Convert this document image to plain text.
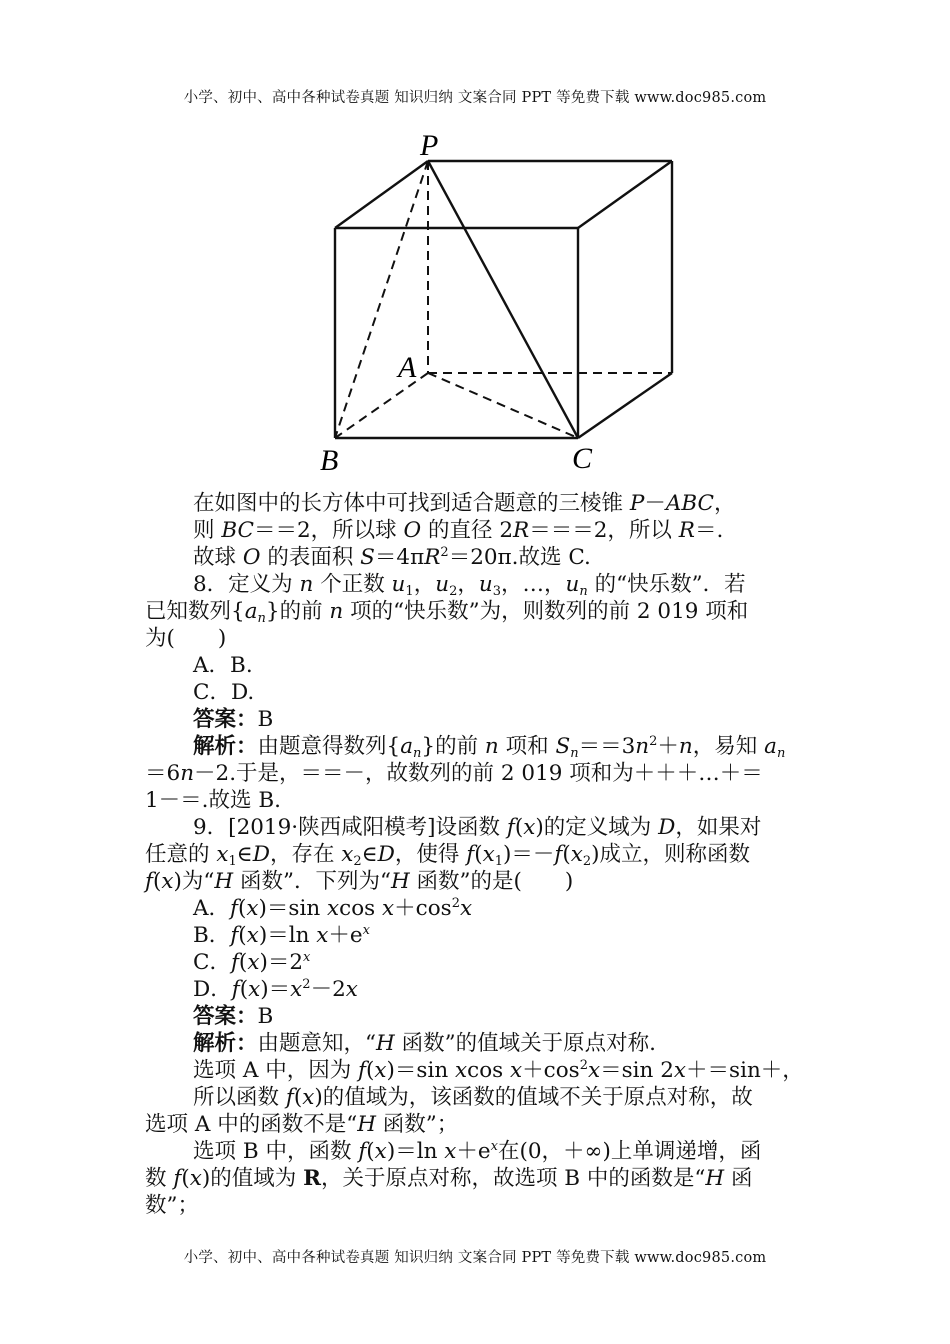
小学、初中、高中各种试卷真题 知识归纳 文案合同 PPT 等免费下载 www.doc985.com
P
A
B	C
在如图中的长方体中可找到适合题意的三棱锥 P－ABC，
则 BC＝＝2，所以球 O 的直径 2R＝＝＝2，所以 R＝.
故球 O 的表面积 $S=4\pi R^2=20\pi$.故选 C.
8．定义为 n 个正数 $u_1$，$u_2$，$u_3$，…，$u_n$ 的“快乐数”．若
已知数列$\{a_n\}$的前 n 项的“快乐数”为，则数列的前 2 019 项和
为(　　)
A．B.
C．D.
答案：B
解析：由题意得数列$\{a_n\}$的前 n 项和 $S_n==3n^2+n$，易知 $a_n$
＝6n－2.于是，＝＝－，故数列的前 2 019 项和为＋＋＋…＋＝
1－＝.故选 B.
9．[2019·陕西咸阳模考]设函数 f(x)的定义域为 D，如果对
任意的 $x_1\in D$，存在 $x_2\in D$，使得 $f(x_1)=-f(x_2)$成立，则称函数
f(x)为“H 函数”．下列为“H 函数”的是(　　)
A．f(x)＝sin xcos $x+\cos^2x$
B．f(x)＝ln $x+e^x$
C．$f(x)=2^x$
D．$f(x)=x^2-2x$
答案：B
解析：由题意知，“H 函数”的值域关于原点对称.
选项 A 中，因为 f(x)＝sin xcos $x+\cos^2x=\sin$ 2x＋＝sin＋，
所以函数 f(x)的值域为，该函数的值域不关于原点对称，故
选项 A 中的函数不是“H 函数”；
选项 B 中，函数 f(x)＝ln $x+e^x$在(0，＋∞)上单调递增，函
数 f(x)的值域为 R，关于原点对称，故选项 B 中的函数是“H 函
数”；
小学、初中、高中各种试卷真题 知识归纳 文案合同 PPT 等免费下载 www.doc985.com
